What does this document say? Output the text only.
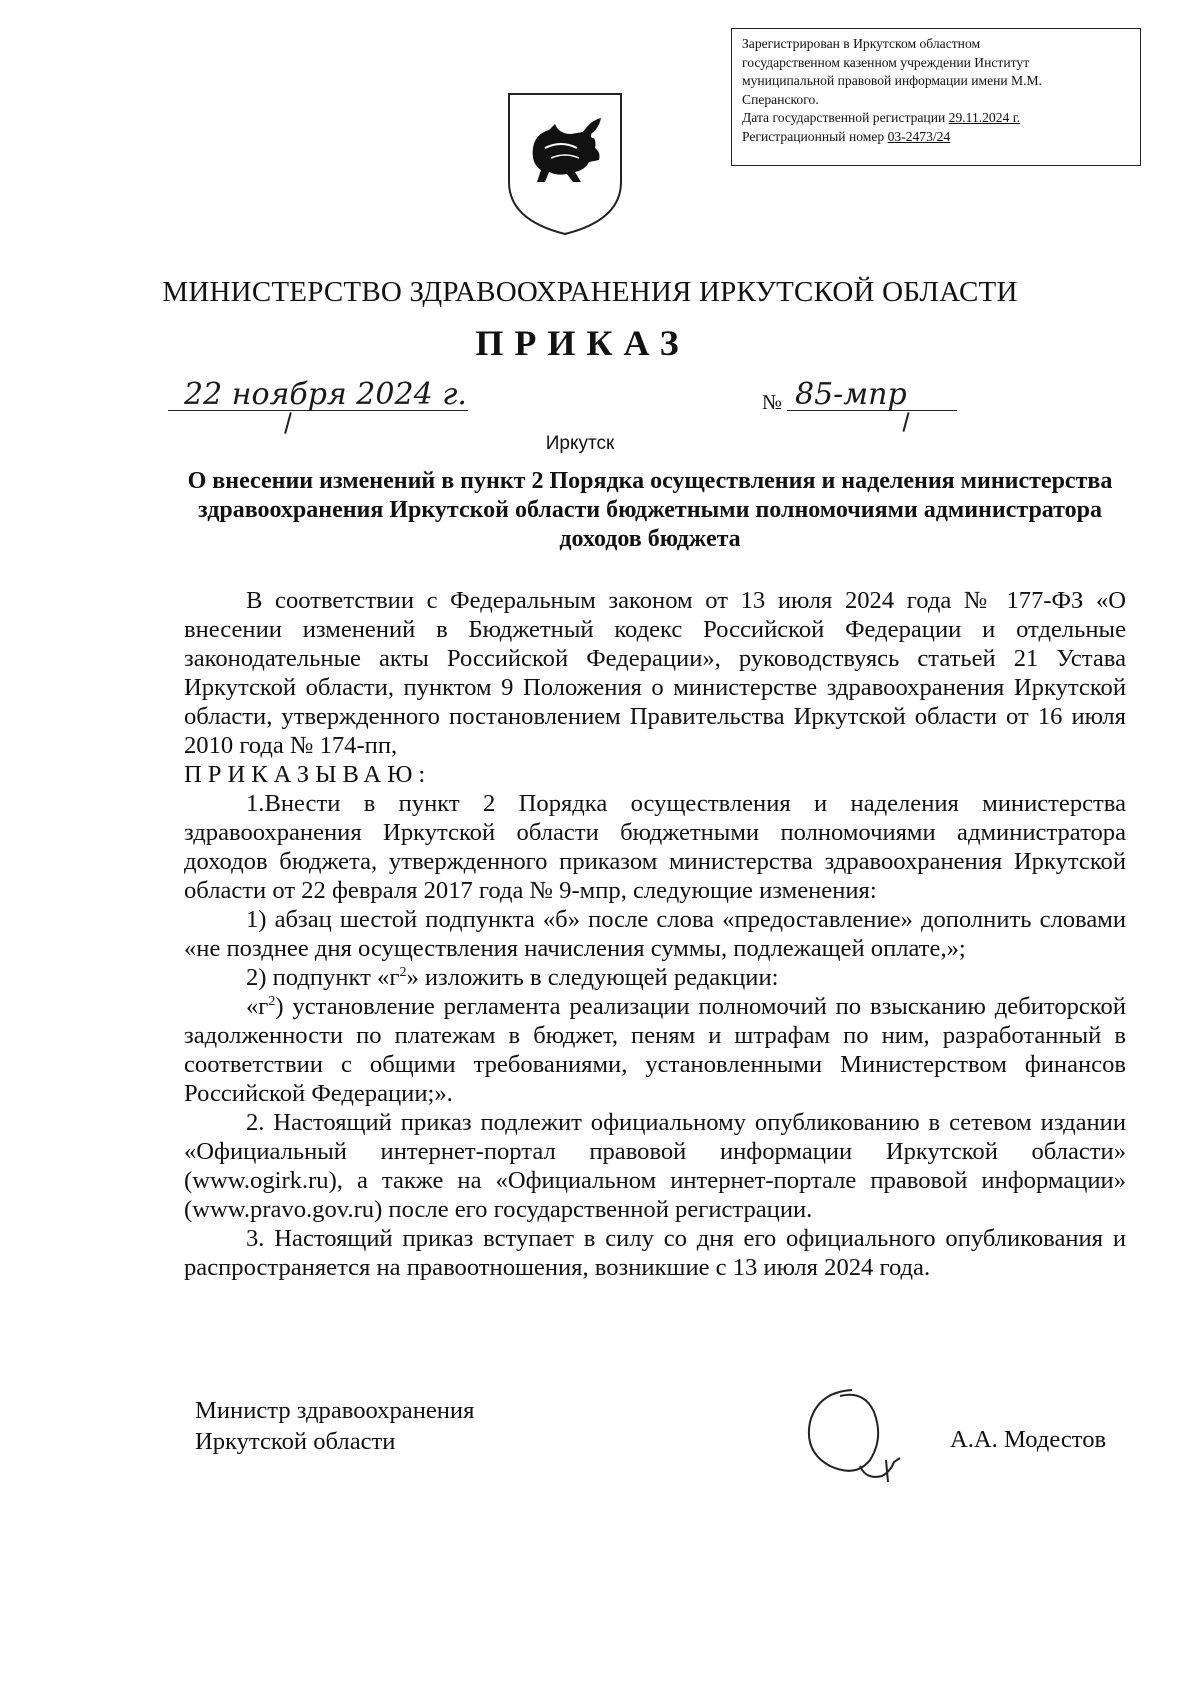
Зарегистрирован в Иркутском областном
государственном казенном учреждении Институт
муниципальной правовой информации имени М.М.
Сперанского.
Дата государственной регистрации 29.11.2024 г.
Регистрационный номер 03-2473/24
МИНИСТЕРСТВО ЗДРАВООХРАНЕНИЯ ИРКУТСКОЙ ОБЛАСТИ
ПРИКАЗ
22 ноября 2024 г.	№ 85-мпр
Иркутск
О внесении изменений в пункт 2 Порядка осуществления и наделения министерства здравоохранения Иркутской области бюджетными полномочиями администратора доходов бюджета

В соответствии с Федеральным законом от 13 июля 2024 года № 177-ФЗ «О внесении изменений в Бюджетный кодекс Российской Федерации и отдельные законодательные акты Российской Федерации», руководствуясь статьей 21 Устава Иркутской области, пунктом 9 Положения о министерстве здравоохранения Иркутской области, утвержденного постановлением Правительства Иркутской области от 16 июля 2010 года № 174-пп,

ПРИКАЗЫВАЮ:

1.Внести в пункт 2 Порядка осуществления и наделения министерства здравоохранения Иркутской области бюджетными полномочиями администратора доходов бюджета, утвержденного приказом министерства здравоохранения Иркутской области от 22 февраля 2017 года № 9-мпр, следующие изменения:

1) абзац шестой подпункта «б» после слова «предоставление» дополнить словами «не позднее дня осуществления начисления суммы, подлежащей оплате,»;

2) подпункт «$г^2$» изложить в следующей редакции:

«$г^2$) установление регламента реализации полномочий по взысканию дебиторской задолженности по платежам в бюджет, пеням и штрафам по ним, разработанный в соответствии с общими требованиями, установленными Министерством финансов Российской Федерации;».

2. Настоящий приказ подлежит официальному опубликованию в сетевом издании «Официальный интернет-портал правовой информации Иркутской области» (www.ogirk.ru), а также на «Официальном интернет-портале правовой информации» (www.pravo.gov.ru) после его государственной регистрации.

3. Настоящий приказ вступает в силу со дня его официального опубликования и распространяется на правоотношения, возникшие с 13 июля 2024 года.

Министр здравоохранения
Иркутской области	А.А. Модестов
